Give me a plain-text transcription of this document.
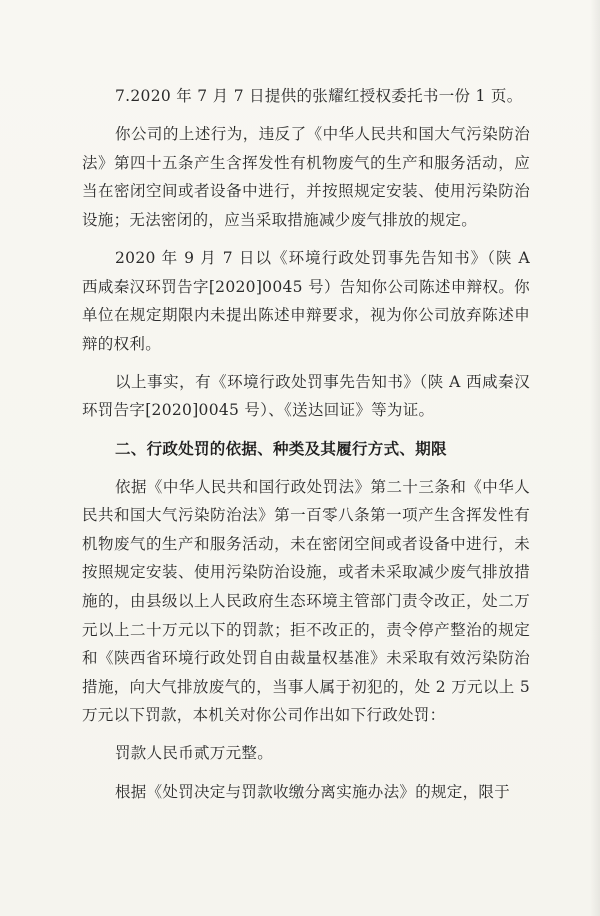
7.2020 年 7 月 7 日提供的张耀红授权委托书一份 1 页。

你公司的上述行为，违反了《中华人民共和国大气污染防治法》第四十五条产生含挥发性有机物废气的生产和服务活动，应当在密闭空间或者设备中进行，并按照规定安装、使用污染防治设施；无法密闭的，应当采取措施减少废气排放的规定。

2020 年 9 月 7 日以《环境行政处罚事先告知书》（陕 A 西咸秦汉环罚告字[2020]0045 号）告知你公司陈述申辩权。你单位在规定期限内未提出陈述申辩要求，视为你公司放弃陈述申辩的权利。

以上事实，有《环境行政处罚事先告知书》（陕 A 西咸秦汉环罚告字[2020]0045 号）、《送达回证》等为证。

二、行政处罚的依据、种类及其履行方式、期限

依据《中华人民共和国行政处罚法》第二十三条和《中华人民共和国大气污染防治法》第一百零八条第一项产生含挥发性有机物废气的生产和服务活动，未在密闭空间或者设备中进行，未按照规定安装、使用污染防治设施，或者未采取减少废气排放措施的，由县级以上人民政府生态环境主管部门责令改正，处二万元以上二十万元以下的罚款；拒不改正的，责令停产整治的规定和《陕西省环境行政处罚自由裁量权基准》未采取有效污染防治措施，向大气排放废气的，当事人属于初犯的，处 2 万元以上 5 万元以下罚款，本机关对你公司作出如下行政处罚：

罚款人民币贰万元整。

根据《处罚决定与罚款收缴分离实施办法》的规定，限于
